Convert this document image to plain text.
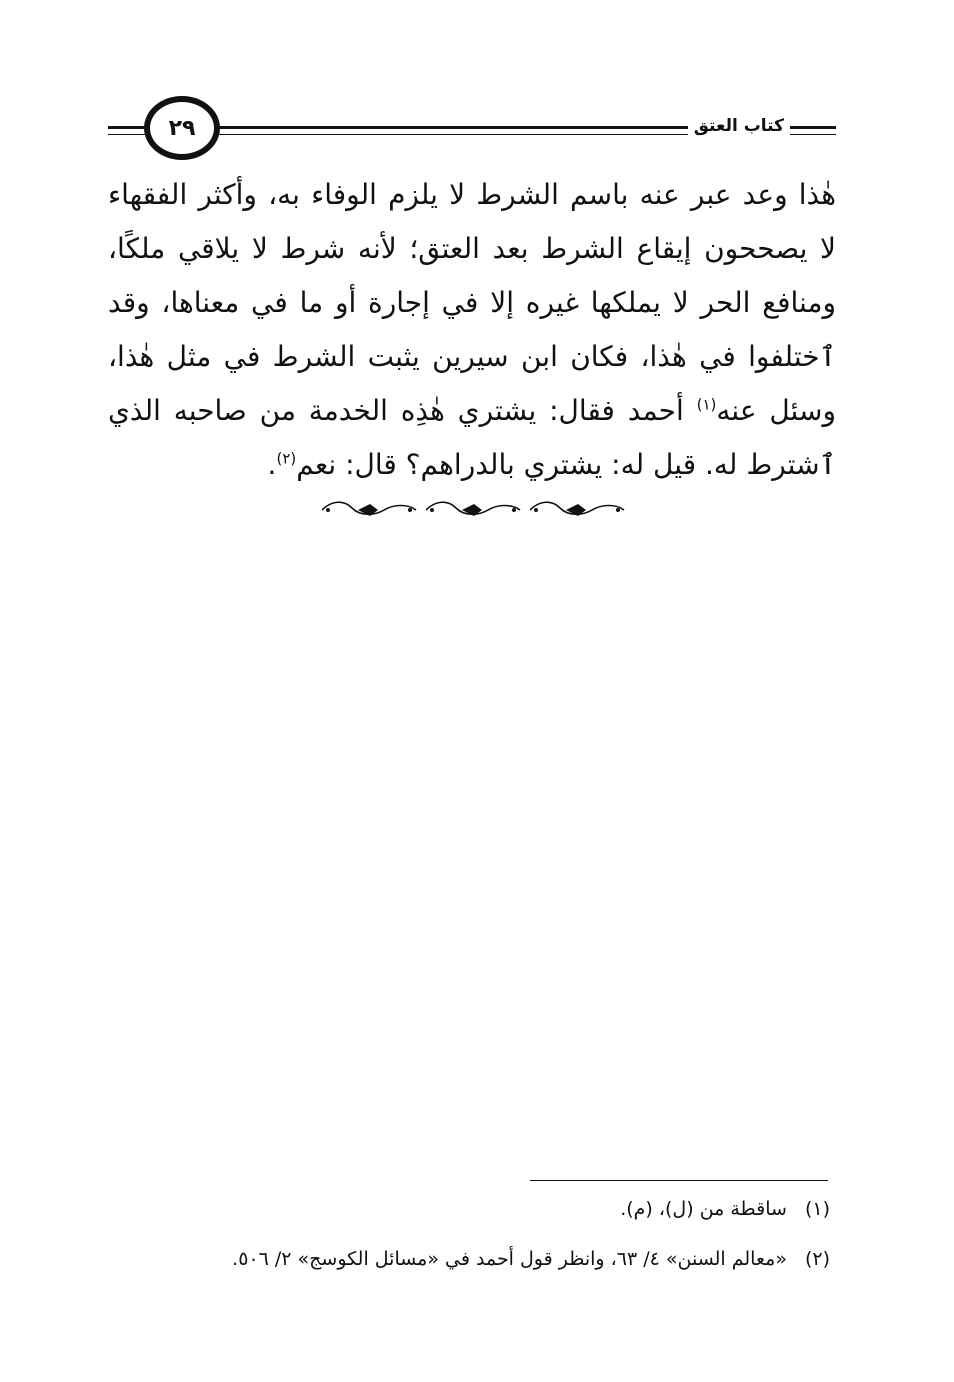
٢٩	كتاب العتق

هٰذا وعد عبر عنه باسم الشرط لا يلزم الوفاء به، وأكثر الفقهاء لا يصححون إيقاع الشرط بعد العتق؛ لأنه شرط لا يلاقي ملكًا، ومنافع الحر لا يملكها غيره إلا في إجارة أو ما في معناها، وقد ٱختلفوا في هٰذا، فكان ابن سيرين يثبت الشرط في مثل هٰذا، وسئل عنه$^{(١)}$ أحمد فقال: يشتري هٰذِه الخدمة من صاحبه الذي ٱشترط له. قيل له: يشتري بالدراهم؟ قال: نعم$^{(٢)}$.

(١)ساقطة من (ل)، (م).

(٢)«معالم السنن» ٤/ ٦٣، وانظر قول أحمد في «مسائل الكوسج» ٢/ ٥٠٦.
